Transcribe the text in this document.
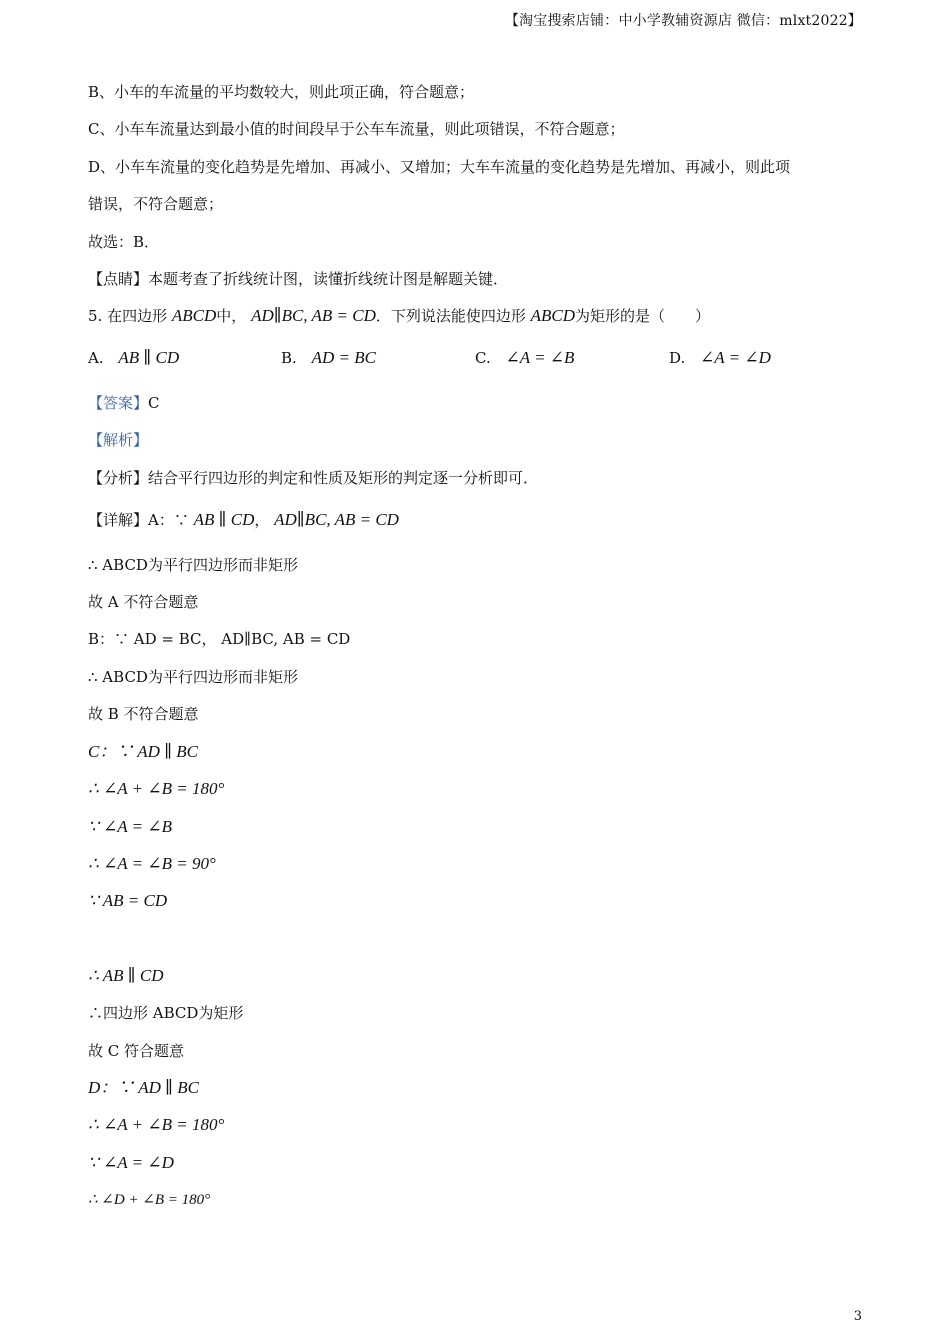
【淘宝搜索店铺：中小学教辅资源店 微信：mlxt2022】
B、小车的车流量的平均数较大，则此项正确，符合题意；
C、小车车流量达到最小值的时间段早于公车车流量，则此项错误，不符合题意；
D、小车车流量的变化趋势是先增加、再减小、又增加；大车车流量的变化趋势是先增加、再减小，则此项
错误，不符合题意；
故选：B．
【点睛】本题考查了折线统计图，读懂折线统计图是解题关键．
5. 在四边形 ABCD中， AD∥BC, AB = CD．下列说法能使四边形 ABCD为矩形的是（　　）
A. AB ∥ CD	B. AD = BC	C. ∠A = ∠B	D. ∠A = ∠D
【答案】C
【解析】
【分析】结合平行四边形的判定和性质及矩形的判定逐一分析即可．
【详解】A：∵ AB ∥ CD， AD∥BC, AB = CD
∴ ABCD为平行四边形而非矩形
故 A 不符合题意
B：∵ AD = BC， AD∥BC, AB = CD
∴ ABCD为平行四边形而非矩形
故 B 不符合题意
C：∵ AD ∥ BC
∴ ∠A + ∠B = 180°
∵ ∠A = ∠B
∴ ∠A = ∠B = 90°
∵ AB = CD
∴ AB ∥ CD
∴四边形 ABCD为矩形
故 C 符合题意
D：∵ AD ∥ BC
∴ ∠A + ∠B = 180°
∵ ∠A = ∠D
∴ ∠D + ∠B = 180°
3
